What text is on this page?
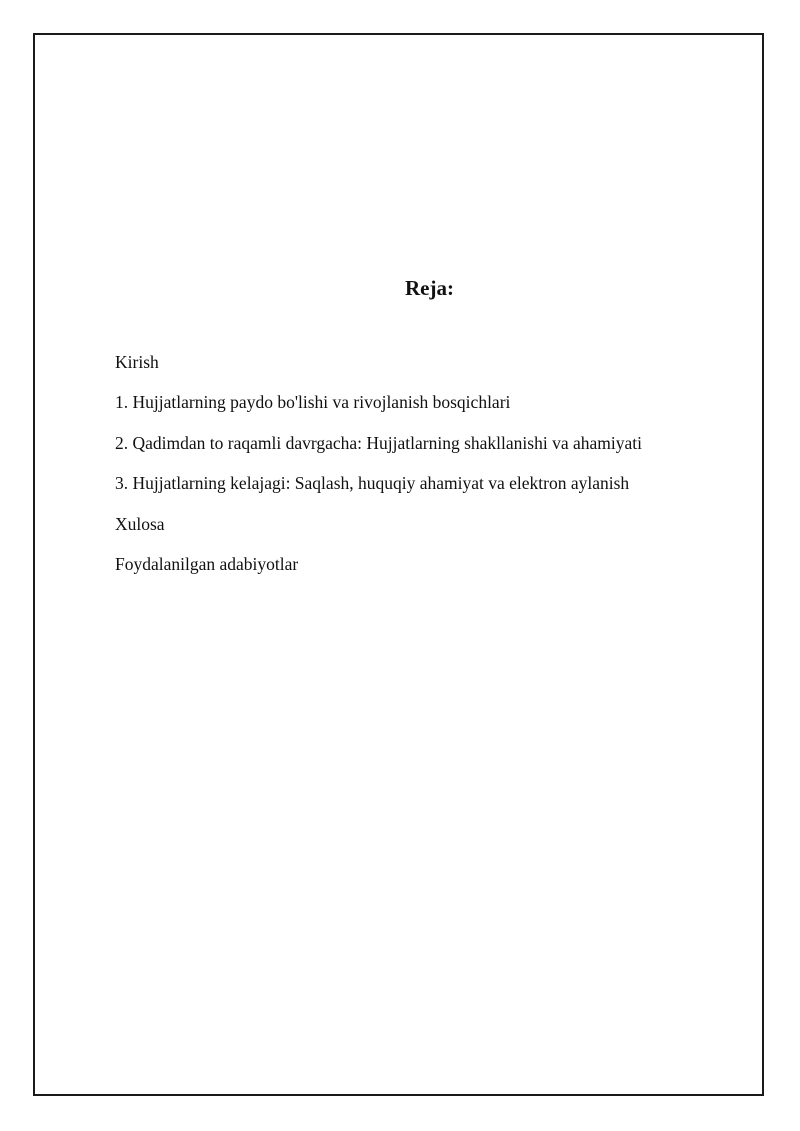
Reja:
Kirish
1. Hujjatlarning paydo bo'lishi va rivojlanish bosqichlari
2. Qadimdan to raqamli davrgacha: Hujjatlarning shakllanishi va ahamiyati
3. Hujjatlarning kelajagi: Saqlash, huquqiy ahamiyat va elektron aylanish
Xulosa
Foydalanilgan adabiyotlar
